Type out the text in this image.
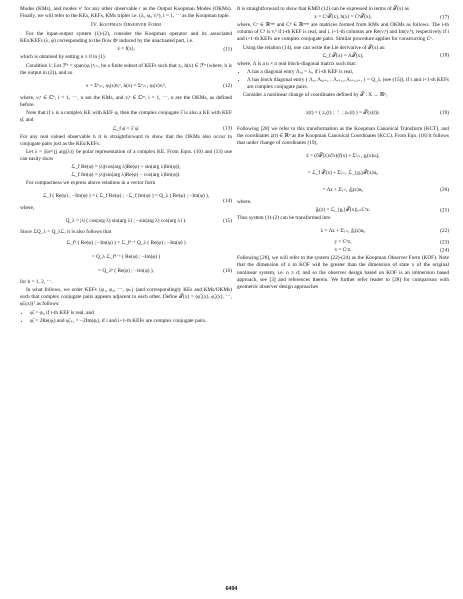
Modes (KMs), and modes vᶠ for any other observable r as the Output Koopman Modes (OKMs). Finally, we will refer to the KEs, KEFs, KMs triplet i.e. (λᵢ, φᵢ, vᵢʰ), i = 1, ⋯ as the Koopman tuple.

IV. Koopman Observer Form

For the input-output system (1)-(2), consider the Koopman operator and its associated KEs/KEFs (λ, φ) corresponding to the flow Φᵗ induced by the unactuated part, i.e.

ẋ = f(x),	(11)

which is obtained by setting u ≡ 0 in (1).

Condition 1: Let ℱⁿ = span{φᵢ}ⁿᵢ₌₁ be a finite subset of KEFs such that xᵢ, h(x) ∈ ℱⁿ (where, h is the output in (2)), and so

x = Σⁿᵢ₌₁ φᵢ(x)vᵢˣ, h(x) = Σⁿᵢ₌₁ φᵢ(x)vᵢʰ,	(12)

where, vᵢˣ ∈ ℂᵈ, i = 1, ⋯, n are the KMs, and vᵢʰ ∈ ℂᵐ, i = 1, ⋯, n are the OKMs, as defined before.

Note that if λ is a complex KE with KEF φ, then the complex conjugate λ̄ is also a KE with KEF φ̄, and

ℒ_f φ̄ = λ̄ φ̄.	(13)

For any real valued observable h it is straightforward to show that the OKMs also occur in conjugate pairs just as the KEs/KEFs.

Let λ = |λ|e^{j arg(λ)} be polar representation of a complex KE. From Eqns. (10) and (13) one can easily show

ℒ_f Re(φ) = |λ|(cos(arg λ)Re(φ) + sin(arg λ)Im(φ)),
ℒ_f Im(φ) = |λ|(sin(arg λ)Re(φ) − cos(arg λ)Im(φ)).

For compactness we express above relations in a vector form

ℒ_f ( Re(φ) ; −Im(φ) ) = ( ℒ_f Re(φ) ; −ℒ_f Im(φ) ) = Q_λ ( Re(φ) ; −Im(φ) ),
(14)

where,

Q_λ = |λ| ( cos(arg λ) sin(arg λ) ; −sin(arg λ) cos(arg λ) ).	(15)

Since ℒQ_λ = Q_λℒ, it is also follows that

ℒ_fᵏ ( Re(φ) ; −Im(φ) ) = ℒ_fᵏ⁻¹ Q_λ ( Re(φ) ; −Im(φ) )
= Q_λ ℒ_fᵏ⁻¹ ( Re(φ) ; −Im(φ) )
= Q_λᵏ ( Re(φ) ; −Im(φ) ),	(16)

for k = 1, 2, ⋯.

In what follows, we order KEFs {φ₁, φ₂, ⋯, φₙ} (and correspondingly KEs and KMs/OKMs) such that complex conjugate pairs appears adjacent to each other. Define 𝒯(x) = (φ̃₁(x), φ̃₂(x), ⋯, φ̃ₙ(x))ᵀ as follows:

• φ̃ᵢ = φᵢ, if i-th KEF is real, and
• φ̃ᵢ = 2Re(φᵢ) and φ̃ᵢ₊₁ = −2Im(φᵢ), if i and i+1-th KEFs are complex conjugate pairs.

It is straightforward to show that KMD (12) can be expressed in terms of 𝒯(x) as

x = Cˣ𝒯(x), h(x) = Cʰ𝒯(x),	(17)

where, Cˣ ∈ ℝᵈˣⁿ and Cʰ ∈ ℝᵐˣⁿ are matrices formed from KMs and OKMs as follows. The i-th column of Cʰ is vᵢʰ if i-th KEF is real, and i, i+1-th columns are Re(vᵢʰ) and Im(vᵢʰ), respectively if i and i+1-th KEFs are complex conjugate pairs. Similar procedure applies for constructing Cˣ.

Using the relation (14), one can write the Lie derivative of 𝒯(x) as:

ℒ_f 𝒯(x) = Λ𝒯(x),	(18)

where, Λ is a n × n real block-diagonal matrix such that:

• Λ has a diagonal entry Λᵢ,ᵢ = λᵢ, if i-th KEF is real,
• Λ has block diagonal entry ( Λᵢ,ᵢ Λᵢ,ᵢ₊₁ ; Λᵢ₊₁,ᵢ Λᵢ₊₁,ᵢ₊₁ ) = Q_λᵢ (see (15)), if i and i+1-th KEFs are complex conjugate pairs.

Consider a nonlinear change of coordinates defined by 𝒯 : X → ℝⁿ,

z(t) = ( z₁(t) ; ⋮ ; zₙ(t) ) = 𝒯(x(t)).	(19)

Following [28] we refer to this transformation as the Koopman Canonical Transform (KCT), and the coordinates z(t) ∈ ℝⁿ as the Koopman Canonical Coordinates (KCC). From Eqn. (18) it follows that under change of coordinates (19),

ż = (∂𝒯(x)/∂x)(f(x) + Σˡᵢ₌₁ gᵢ(x)uᵢ),
= ℒ_f 𝒯(x) + Σˡᵢ₌₁ ℒ_{gᵢ}𝒯(x)uᵢ,
= Λz + Σˡᵢ₌₁ g̃ᵢ(z)uᵢ,	(20)

where,

g̃ᵢ(z) = ℒ_{gᵢ}𝒯(x)|ₓ₌Cˣz.	(21)

Thus system (1)-(2) can be transformed into

ż = Λz + Σˡᵢ₌₁ g̃ᵢ(z)uᵢ,	(22)
y = Cʰz,	(23)
x = Cˣz.	(24)

Following [28], we will refer to the system (22)-(24) as the Koopman Observer Form (KOF). Note that the dimension of z in KOF will be greater than the dimension of state x of the original nonlinear system, i.e. n ≥ d; and so the observer design based on KOF is an immersion based approach, see [3] and references therein. We further refer reader to [28] for comparison with geometric observer design approaches

6494
